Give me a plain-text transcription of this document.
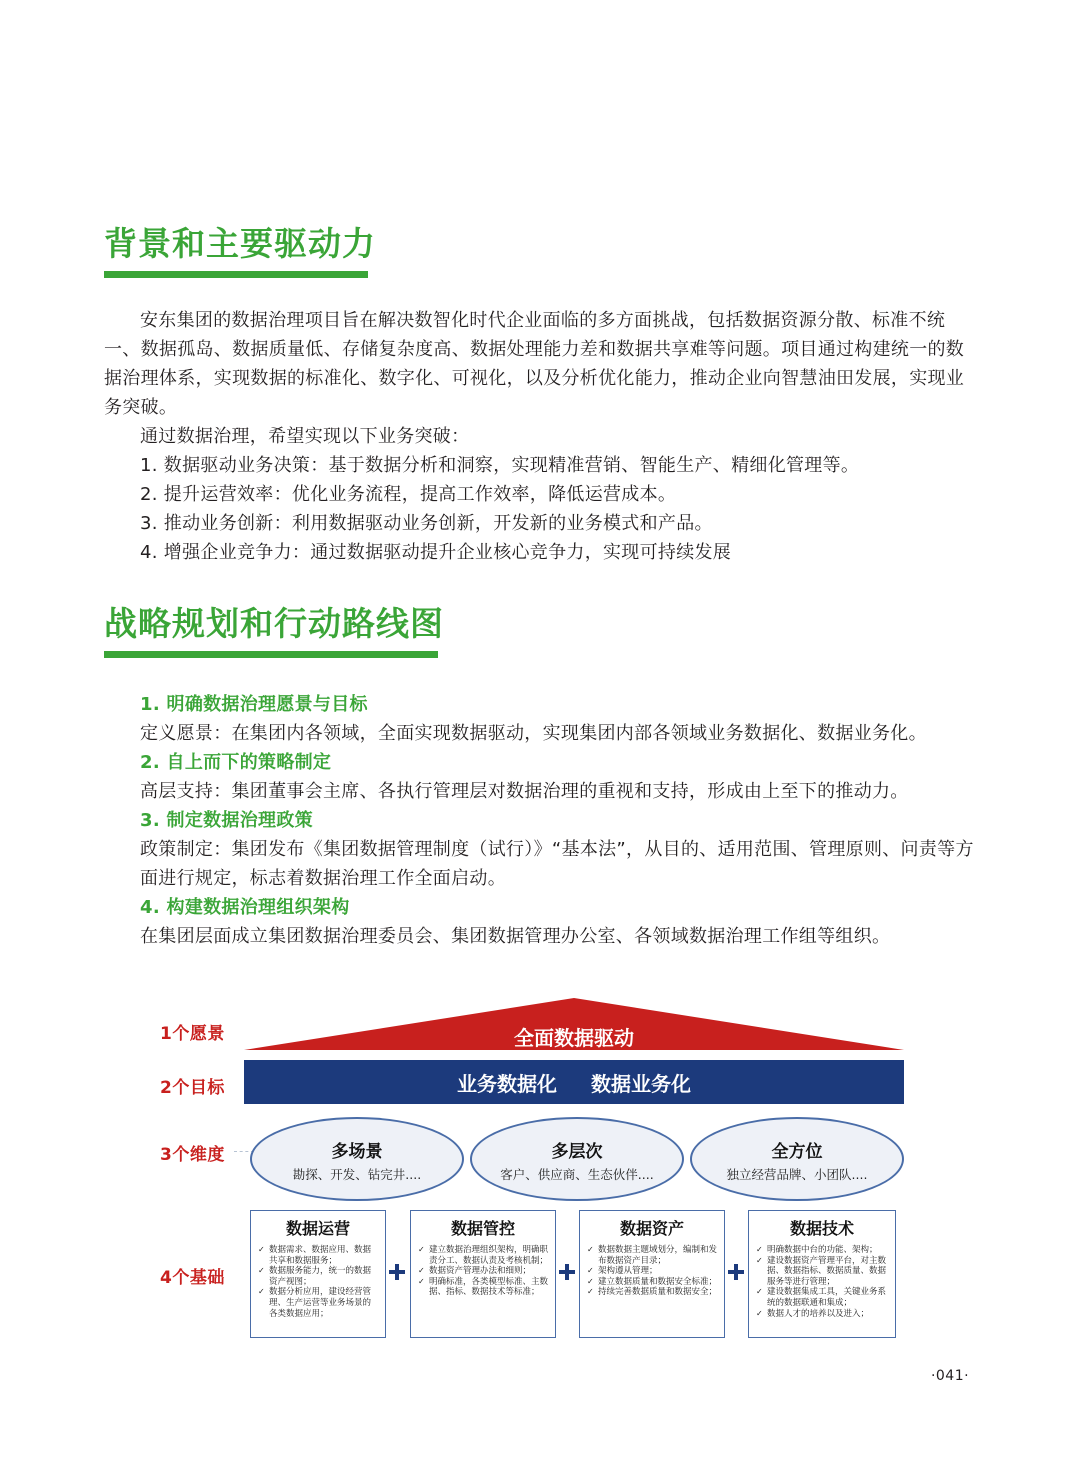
背景和主要驱动力

安东集团的数据治理项目旨在解决数智化时代企业面临的多方面挑战，包括数据资源分散、标准不统一、数据孤岛、数据质量低、存储复杂度高、数据处理能力差和数据共享难等问题。项目通过构建统一的数据治理体系，实现数据的标准化、数字化、可视化，以及分析优化能力，推动企业向智慧油田发展，实现业务突破。

通过数据治理，希望实现以下业务突破：

1. 数据驱动业务决策：基于数据分析和洞察，实现精准营销、智能生产、精细化管理等。

2. 提升运营效率：优化业务流程，提高工作效率，降低运营成本。

3. 推动业务创新：利用数据驱动业务创新，开发新的业务模式和产品。

4. 增强企业竞争力：通过数据驱动提升企业核心竞争力，实现可持续发展

战略规划和行动路线图

1. 明确数据治理愿景与目标

定义愿景：在集团内各领域，全面实现数据驱动，实现集团内部各领域业务数据化、数据业务化。

2. 自上而下的策略制定

高层支持：集团董事会主席、各执行管理层对数据治理的重视和支持，形成由上至下的推动力。

3. 制定数据治理政策

政策制定：集团发布《集团数据管理制度（试行）》“基本法”，从目的、适用范围、管理原则、问责等方面进行规定，标志着数据治理工作全面启动。

4. 构建数据治理组织架构

在集团层面成立集团数据治理委员会、集团数据管理办公室、各领域数据治理工作组等组织。

全面数据驱动
1个愿景
2个目标
3个维度
4个基础
业务数据化 数据业务化
多场景
勘探、开发、钻完井....
多层次
客户、供应商、生态伙伴....
全方位
独立经营品牌、小团队....
数据运营
✓ 数据需求、数据应用、数据共享和数据服务；
✓ 数据服务能力，统一的数据资产视图；
✓ 数据分析应用，建设经营管理、生产运营等业务场景的各类数据应用；
数据管控
✓ 建立数据治理组织架构，明确职责分工、数据认责及考核机制；
✓ 数据资产管理办法和细则；
✓ 明确标准，各类模型标准、主数据、指标、数据技术等标准；
数据资产
✓ 数据数据主题域划分，编制和发布数据资产目录；
✓ 架构遵从管理；
✓ 建立数据质量和数据安全标准；
✓ 持续完善数据质量和数据安全；
数据技术
✓ 明确数据中台的功能、架构；
✓ 建设数据资产管理平台，对主数据、数据指标、数据质量、数据服务等进行管理；
✓ 建设数据集成工具，关键业务系统的数据联通和集成；
✓ 数据人才的培养以及进入；
·041·
